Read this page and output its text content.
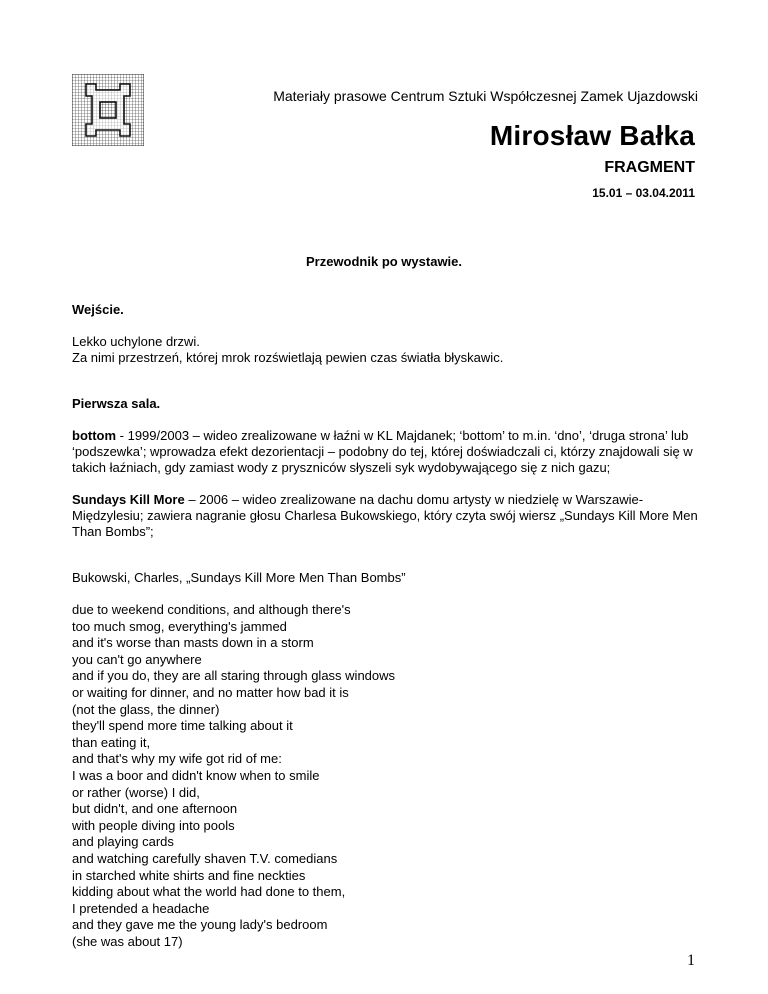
Materiały prasowe Centrum Sztuki Współczesnej Zamek Ujazdowski
Mirosław Bałka
FRAGMENT
15.01 – 03.04.2011
Przewodnik po wystawie.

Wejście.

Lekko uchylone drzwi.

Za nimi przestrzeń, której mrok rozświetlają pewien czas światła błyskawic.

Pierwsza sala.

bottom - 1999/2003 – wideo zrealizowane w łaźni w KL Majdanek; ‘bottom’ to m.in. ‘dno’, ‘druga strona’ lub ‘podszewka’; wprowadza efekt dezorientacji – podobny do tej, której doświadczali ci, którzy znajdowali się w takich łaźniach, gdy zamiast wody z pryszniców słyszeli syk wydobywającego się z nich gazu;

Sundays Kill More – 2006 – wideo zrealizowane na dachu domu artysty w niedzielę w Warszawie-Międzylesiu; zawiera nagranie głosu Charlesa Bukowskiego, który czyta swój wiersz „Sundays Kill More Men Than Bombs”;

Bukowski, Charles, „Sundays Kill More Men Than Bombs”

due to weekend conditions, and although there's

too much smog, everything's jammed

and it's worse than masts down in a storm

you can't go anywhere

and if you do, they are all staring through glass windows

or waiting for dinner, and no matter how bad it is

(not the glass, the dinner)

they'll spend more time talking about it

than eating it,

and that's why my wife got rid of me:

I was a boor and didn't know when to smile

or rather (worse) I did,

but didn't, and one afternoon

with people diving into pools

and playing cards

and watching carefully shaven T.V. comedians

in starched white shirts and fine neckties

kidding about what the world had done to them,

I pretended a headache

and they gave me the young lady's bedroom

(she was about 17)

1
